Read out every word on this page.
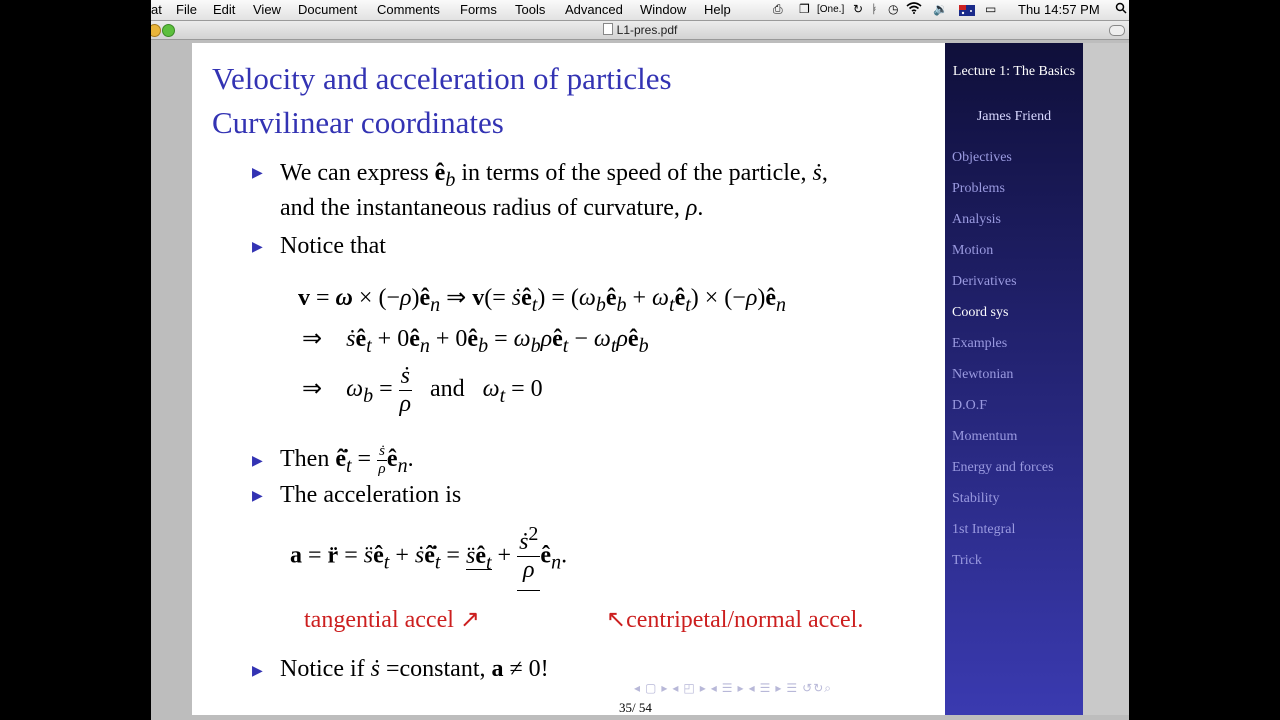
at File Edit View Document Comments Forms Tools Advanced Window Help	⎙ ❐ [One.] ↻ ᛓ ◷	🔉	▭ Thu 14:57 PM
L1-pres.pdf
Velocity and acceleration of particles
Curvilinear coordinates
▶ We can express $ê_b$ in terms of the speed of the particle, ṡ,
and the instantaneous radius of curvature, ρ.
▶ Notice that
$v = \omega \times (-\rho)ê_n$ ⇒ v(= ṡê$_t$) = ($\omega_bê_b$ + $\omega_tê_t$) × $(-\rho)ê_n$
⇒    ṡê$_t$ + $0ê_n$ + $0ê_b$ = $\omega_b\rho ê_t$ − $\omega_t\rho ê_b$
⇒    $\omega_b = \frac{\text{ṡ}}{\rho}$ and $\omega_t = 0$
▶ Then $ê̇_t = \frac{\text{ṡ}}{\rho}$ $ê_n$.
▶ The acceleration is
a = r̈ = $s̈ê_t$ + $ṡê̇_t$ = $s̈ê_t + \frac{ṡ^2}{\rho}$ $ê_n$.
tangential accel ↗	↖centripetal/normal accel.
▶ Notice if ṡ =constant, a ≠ 0!
◂ ▢ ▸ ◂ ◰ ▸ ◂ ☰ ▸ ◂ ☰ ▸ ☰ ↺↻⌕
35/ 54
Lecture 1: The Basics
James Friend
Objectives
Problems
Analysis
Motion
Derivatives
Coord sys
Examples
Newtonian
D.O.F
Momentum
Energy and forces
Stability
1st Integral
Trick
